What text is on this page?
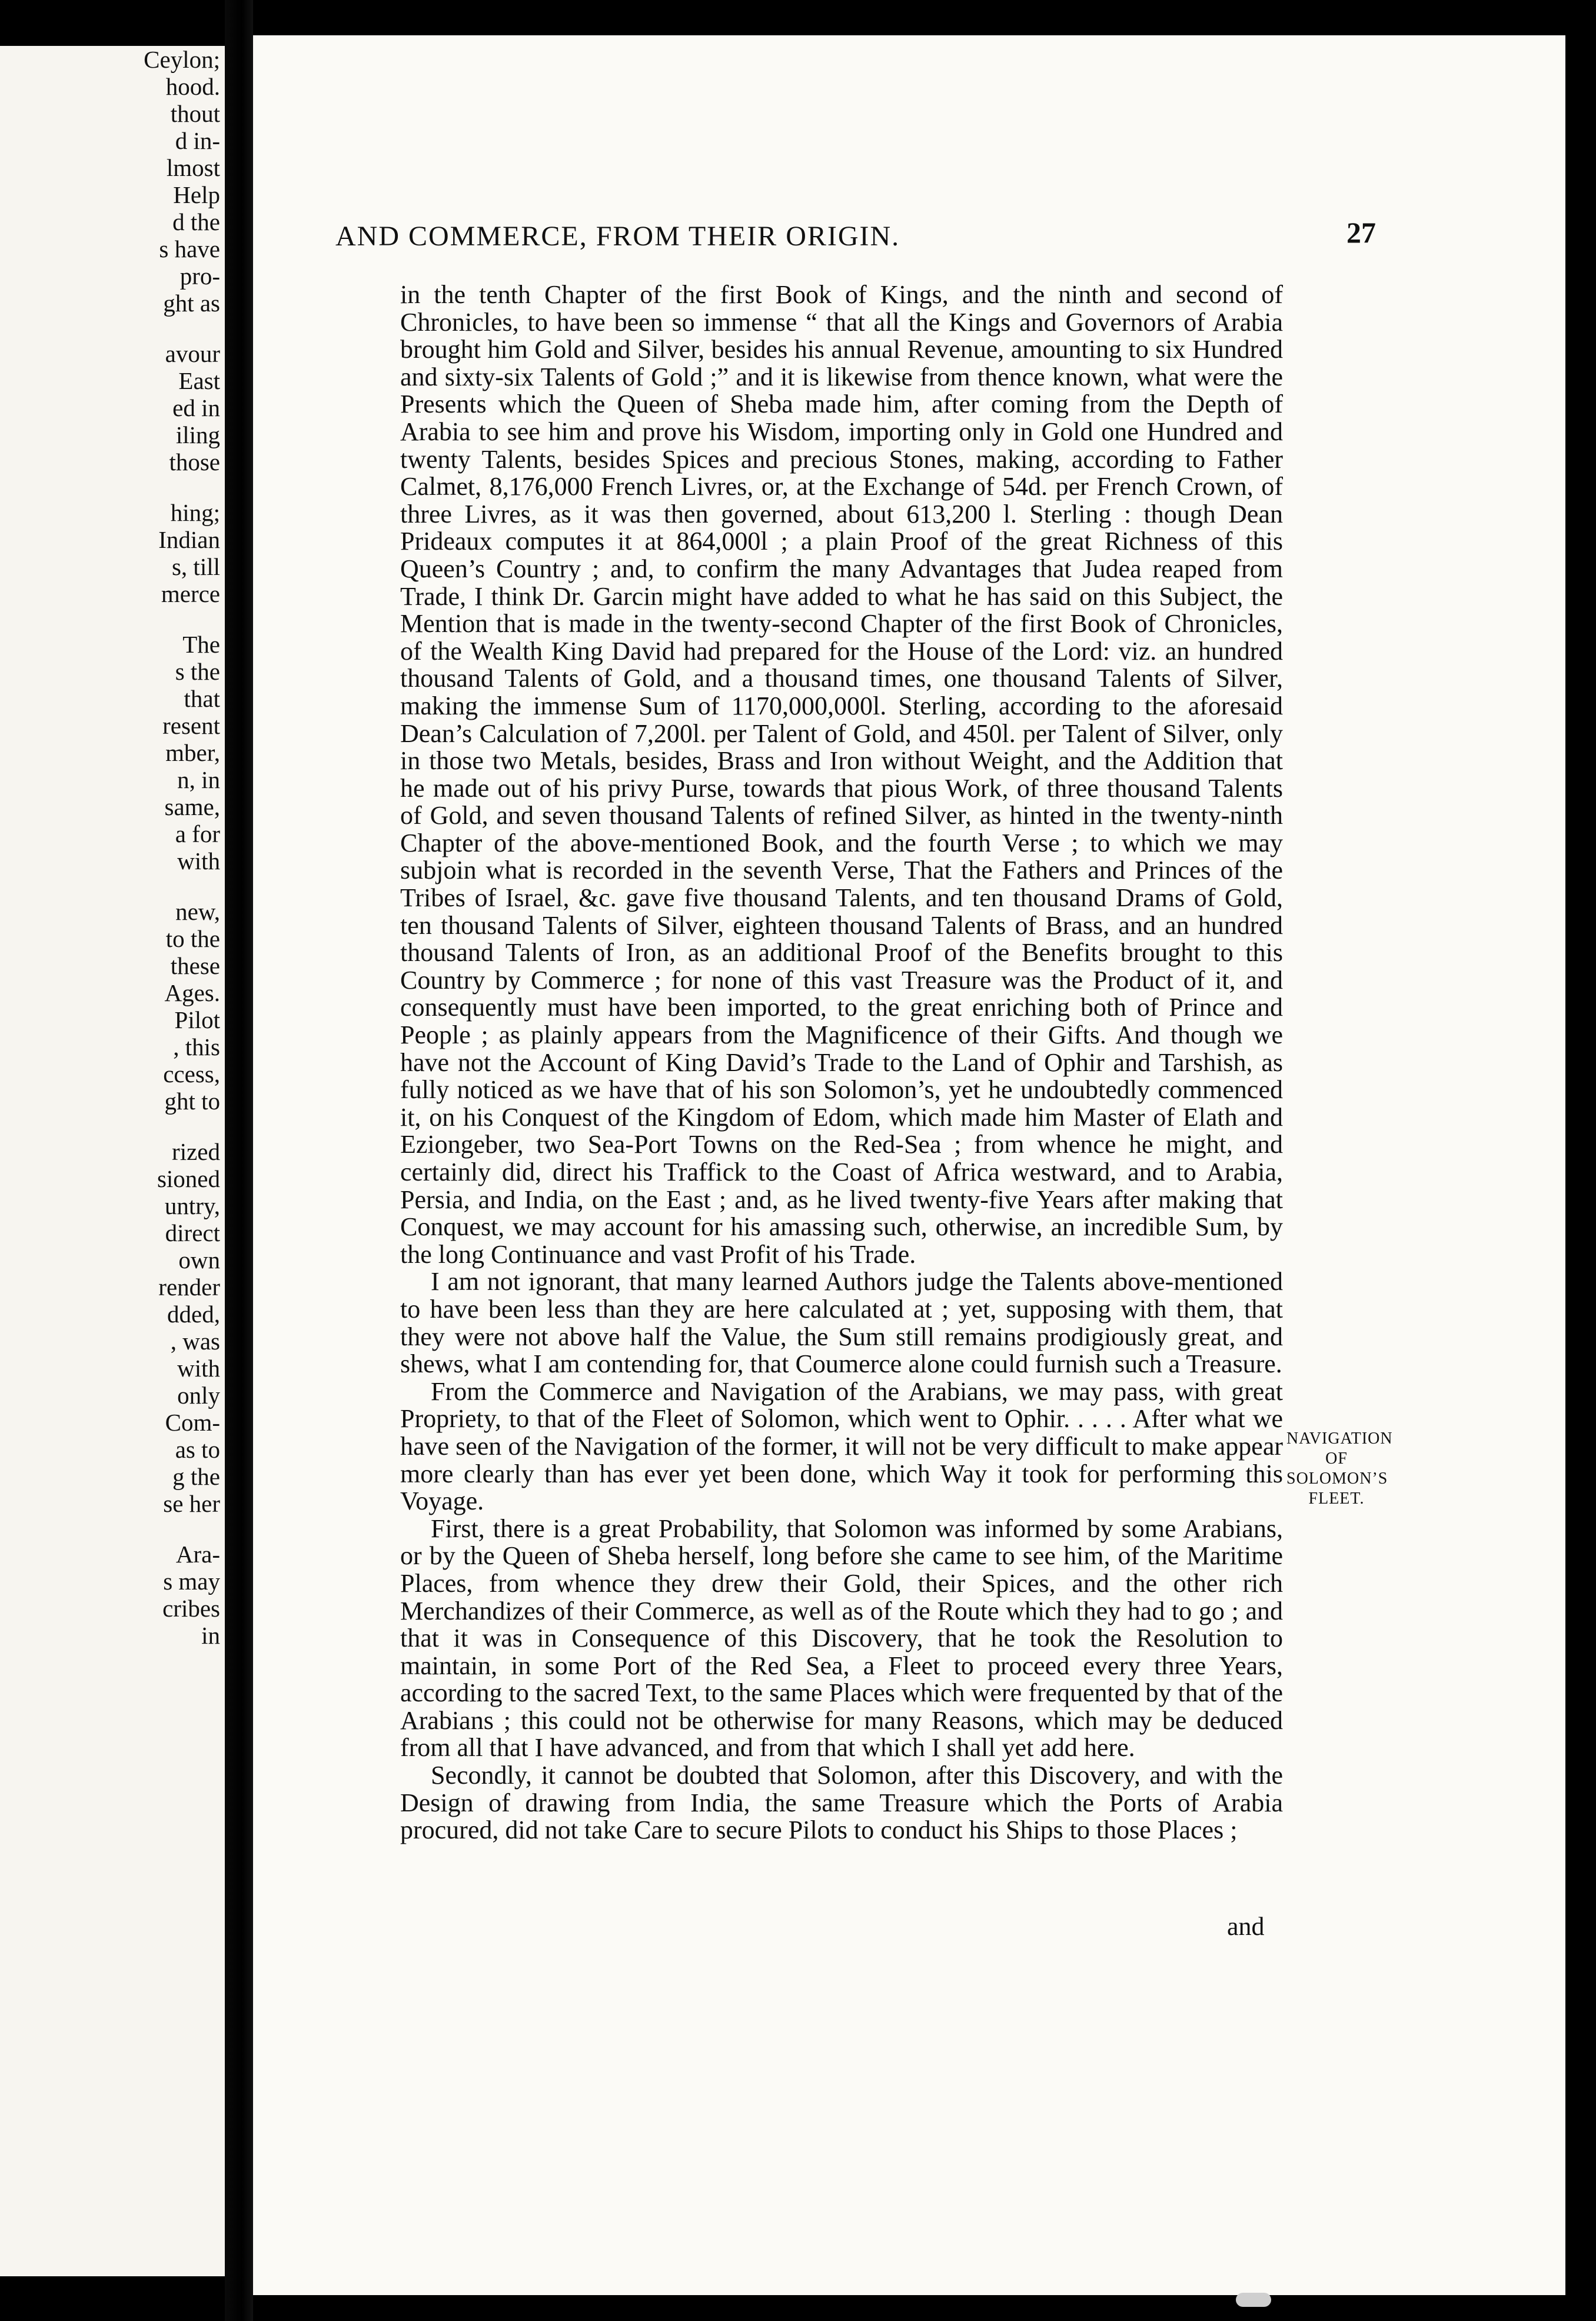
Ceylon;
hood.
thout
d in-
lmost
Help
d the
s have
pro-
ght as
avour
East
ed in
iling
those
hing;
Indian
s, till
merce
The
s the
that
resent
mber,
n, in
same,
a for
with
new,
to the
these
Ages.
Pilot
, this
ccess,
ght to
rized
sioned
untry,
direct
own
render
dded,
, was
with
only
Com-
as to
g the
se her
Ara-
s may
cribes
in
AND COMMERCE, FROM THEIR ORIGIN.	27

in the tenth Chapter of the first Book of Kings, and the ninth and second of Chronicles, to have been so immense “ that all the Kings and Governors of Arabia brought him Gold and Silver, besides his annual Revenue, amounting to six Hundred and sixty-six Talents of Gold ;” and it is likewise from thence known, what were the Presents which the Queen of Sheba made him, after coming from the Depth of Arabia to see him and prove his Wisdom, importing only in Gold one Hundred and twenty Talents, besides Spices and precious Stones, making, according to Father Calmet, 8,176,000 French Livres, or, at the Exchange of 54d. per French Crown, of three Livres, as it was then governed, about 613,200 l. Sterling : though Dean Prideaux computes it at 864,000l ; a plain Proof of the great Richness of this Queen’s Country ; and, to confirm the many Advantages that Judea reaped from Trade, I think Dr. Garcin might have added to what he has said on this Subject, the Mention that is made in the twenty-second Chapter of the first Book of Chronicles, of the Wealth King David had prepared for the House of the Lord: viz. an hundred thousand Talents of Gold, and a thousand times, one thousand Talents of Silver, making the immense Sum of 1170,000,000l. Sterling, according to the aforesaid Dean’s Calculation of 7,200l. per Talent of Gold, and 450l. per Talent of Silver, only in those two Metals, besides, Brass and Iron without Weight, and the Addition that he made out of his privy Purse, towards that pious Work, of three thousand Talents of Gold, and seven thousand Talents of refined Silver, as hinted in the twenty-ninth Chapter of the above-mentioned Book, and the fourth Verse ; to which we may subjoin what is recorded in the seventh Verse, That the Fathers and Princes of the Tribes of Israel, &c. gave five thousand Talents, and ten thousand Drams of Gold, ten thousand Talents of Silver, eighteen thousand Talents of Brass, and an hundred thousand Talents of Iron, as an additional Proof of the Benefits brought to this Country by Commerce ; for none of this vast Treasure was the Product of it, and consequently must have been imported, to the great enriching both of Prince and People ; as plainly appears from the Magnificence of their Gifts. And though we have not the Account of King David’s Trade to the Land of Ophir and Tarshish, as fully noticed as we have that of his son Solomon’s, yet he undoubtedly commenced it, on his Conquest of the Kingdom of Edom, which made him Master of Elath and Eziongeber, two Sea-Port Towns on the Red-Sea ; from whence he might, and certainly did, direct his Traffick to the Coast of Africa westward, and to Arabia, Persia, and India, on the East ; and, as he lived twenty-five Years after making that Conquest, we may account for his amassing such, otherwise, an incredible Sum, by the long Continuance and vast Profit of his Trade.

I am not ignorant, that many learned Authors judge the Talents above-mentioned to have been less than they are here calculated at ; yet, supposing with them, that they were not above half the Value, the Sum still remains prodigiously great, and shews, what I am contending for, that Coumerce alone could furnish such a Treasure.

From the Commerce and Navigation of the Arabians, we may pass, with great Propriety, to that of the Fleet of Solomon, which went to Ophir. . . . . After what we have seen of the Navigation of the former, it will not be very difficult to make appear more clearly than has ever yet been done, which Way it took for performing this Voyage.

First, there is a great Probability, that Solomon was informed by some Arabians, or by the Queen of Sheba herself, long before she came to see him, of the Maritime Places, from whence they drew their Gold, their Spices, and the other rich Merchandizes of their Commerce, as well as of the Route which they had to go ; and that it was in Consequence of this Discovery, that he took the Resolution to maintain, in some Port of the Red Sea, a Fleet to proceed every three Years, according to the sacred Text, to the same Places which were frequented by that of the Arabians ; this could not be otherwise for many Reasons, which may be deduced from all that I have advanced, and from that which I shall yet add here.

Secondly, it cannot be doubted that Solomon, after this Discovery, and with the Design of drawing from India, the same Treasure which the Ports of Arabia procured, did not take Care to secure Pilots to conduct his Ships to those Places ;

NAVIGATION OF SOLOMON’S FLEET.
and
